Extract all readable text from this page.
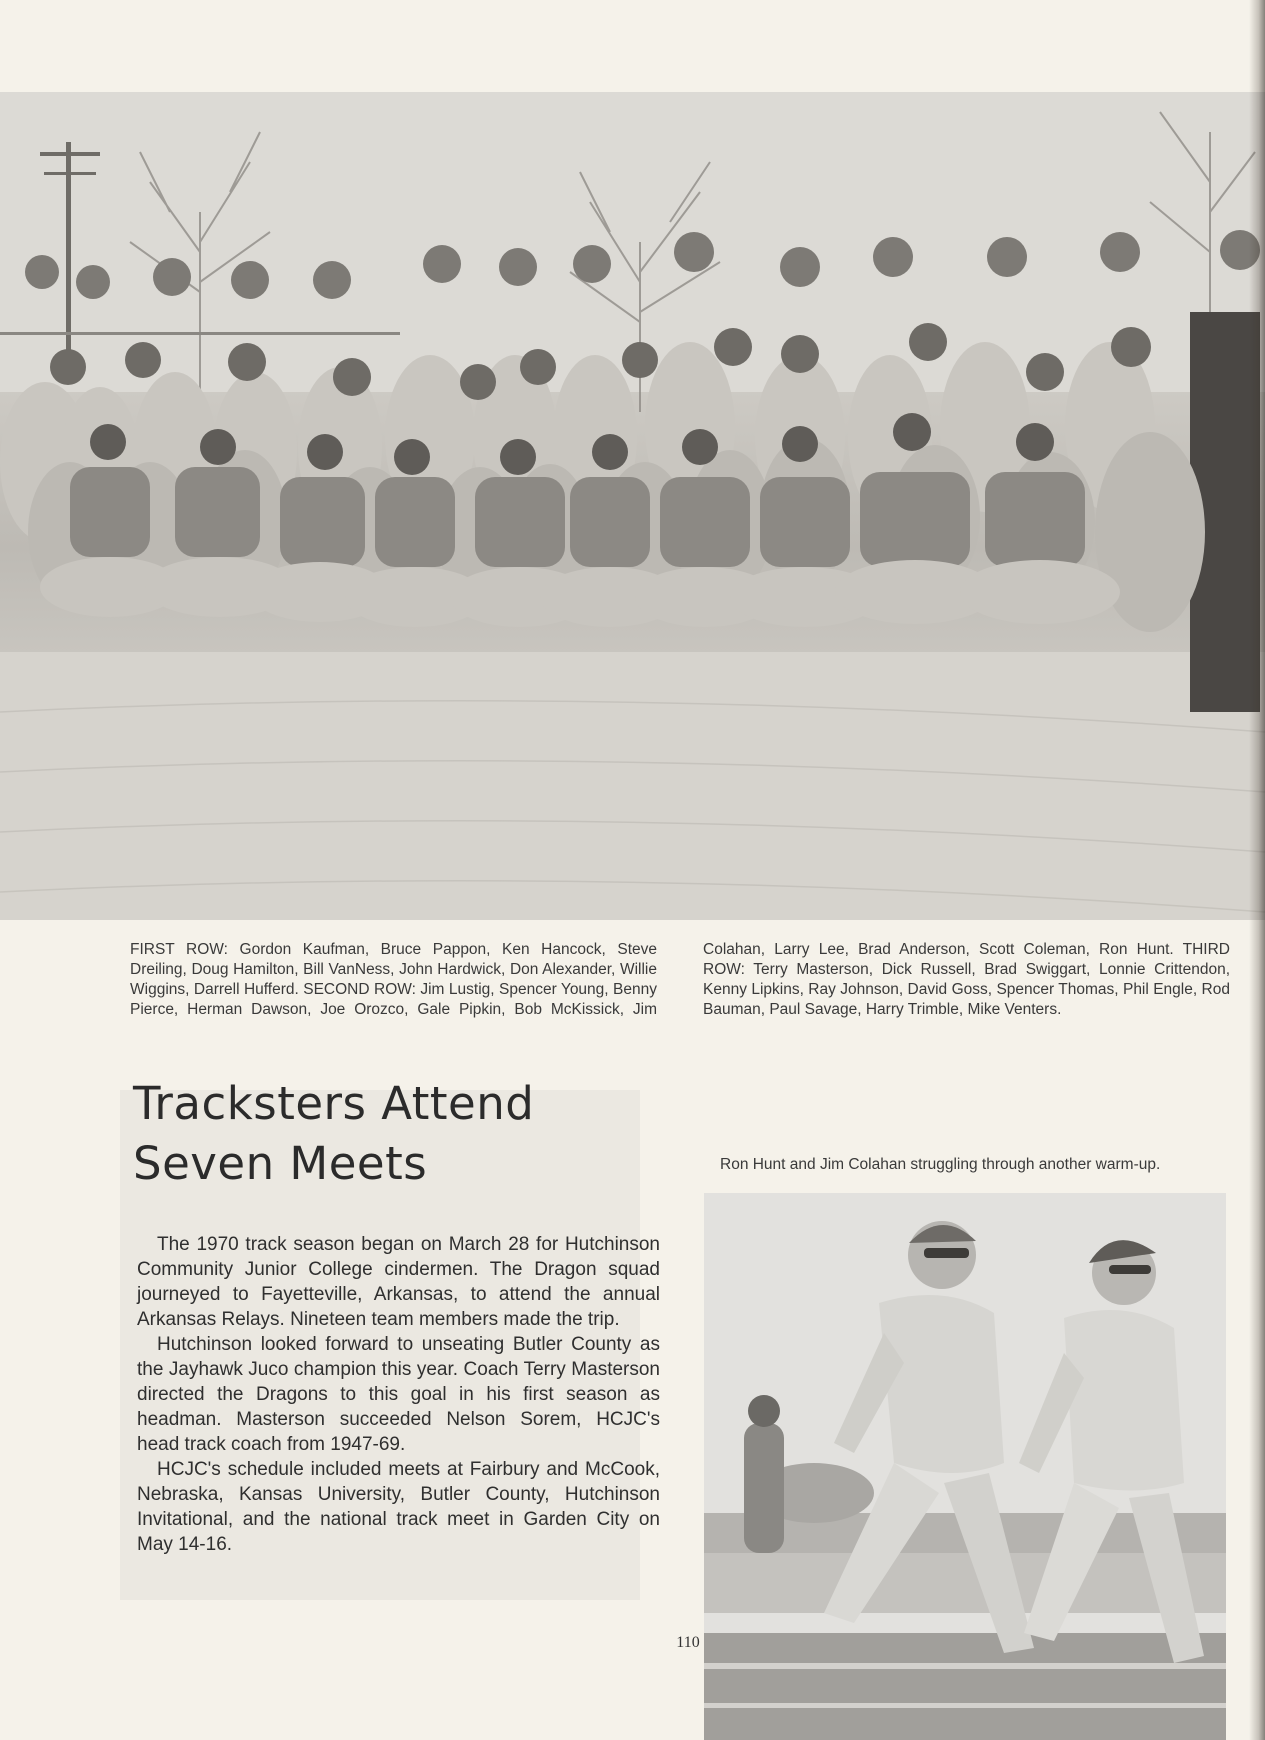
FIRST ROW: Gordon Kaufman, Bruce Pappon, Ken Hancock, Steve Dreiling, Doug Hamilton, Bill VanNess, John Hardwick, Don Alexander, Willie Wiggins, Darrell Hufferd. SECOND ROW: Jim Lustig, Spencer Young, Benny Pierce, Herman Dawson, Joe Orozco, Gale Pipkin, Bob McKissick, Jim Colahan, Larry Lee, Brad Anderson, Scott Coleman, Ron Hunt. THIRD ROW: Terry Masterson, Dick Russell, Brad Swiggart, Lonnie Crittendon, Kenny Lipkins, Ray Johnson, David Goss, Spencer Thomas, Phil Engle, Rod Bauman, Paul Savage, Harry Trimble, Mike Venters.
Tracksters Attend
Seven Meets

The 1970 track season began on March 28 for Hutchinson Community Junior College cindermen. The Dragon squad journeyed to Fayetteville, Arkansas, to attend the annual Arkansas Relays. Nineteen team members made the trip.

Hutchinson looked forward to unseating Butler County as the Jayhawk Juco champion this year. Coach Terry Masterson directed the Dragons to this goal in his first season as headman. Masterson succeeded Nelson Sorem, HCJC's head track coach from 1947-69.

HCJC's schedule included meets at Fairbury and McCook, Nebraska, Kansas University, Butler County, Hutchinson Invitational, and the national track meet in Garden City on May 14-16.

110
Ron Hunt and Jim Colahan struggling through another warm-up.
